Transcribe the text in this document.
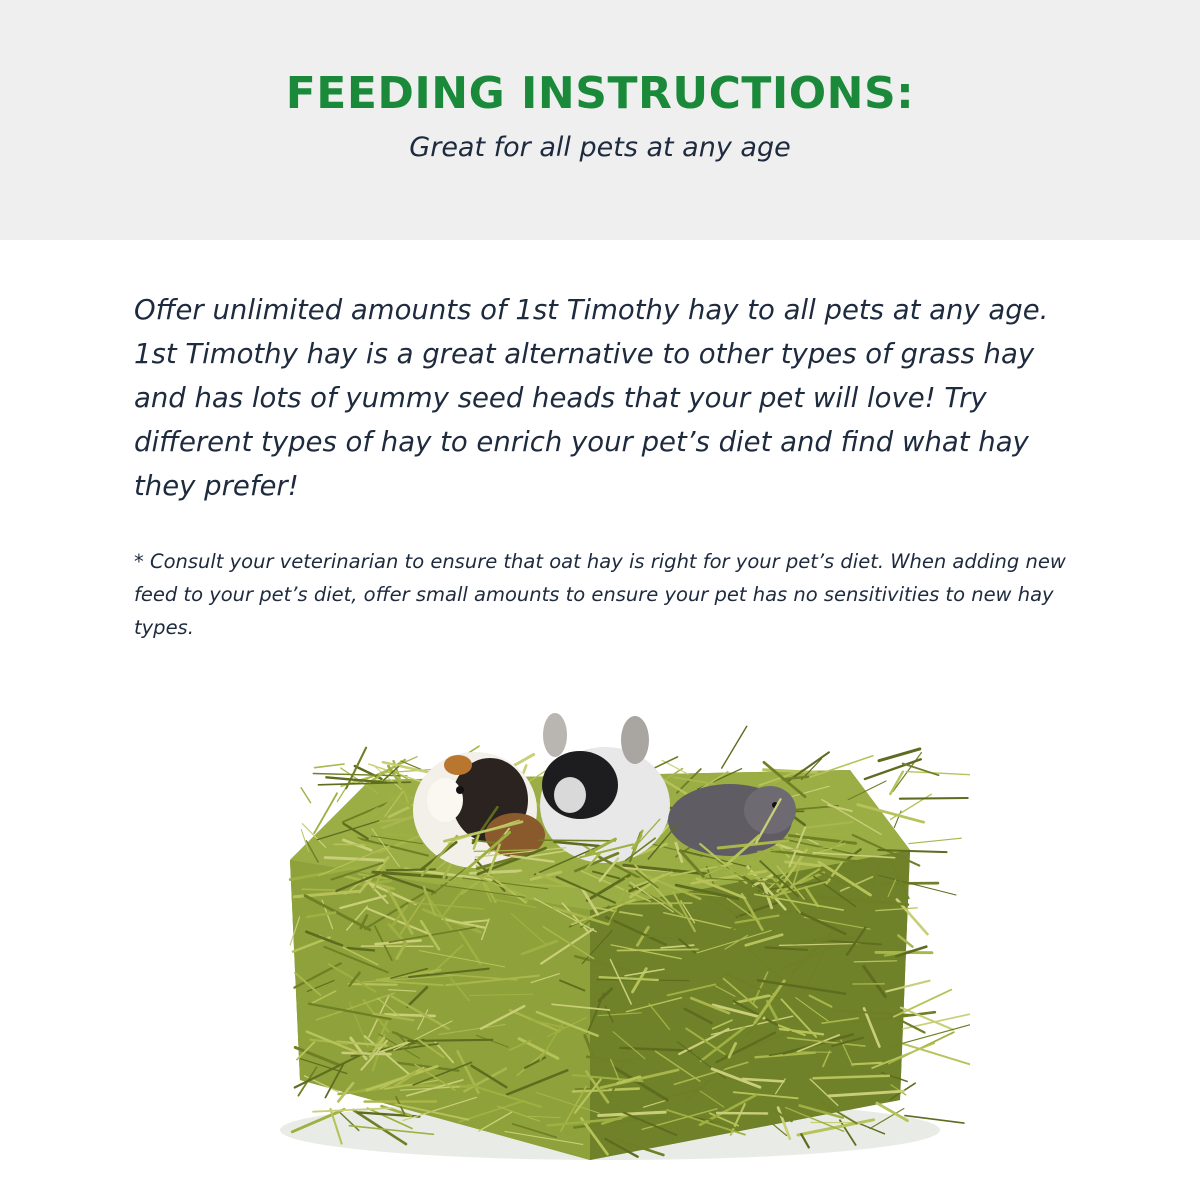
FEEDING INSTRUCTIONS:

Great for all pets at any age

Offer unlimited amounts of 1st Timothy hay to all pets at any age. 1st Timothy hay is a great alternative to other types of grass hay and has lots of yummy seed heads that your pet will love! Try different types of hay to enrich your pet’s diet and find what hay they prefer!

* Consult your veterinarian to ensure that oat hay is right for your pet’s diet. When adding new feed to your pet’s diet, offer small amounts to ensure your pet has no sensitivities to new hay types.
